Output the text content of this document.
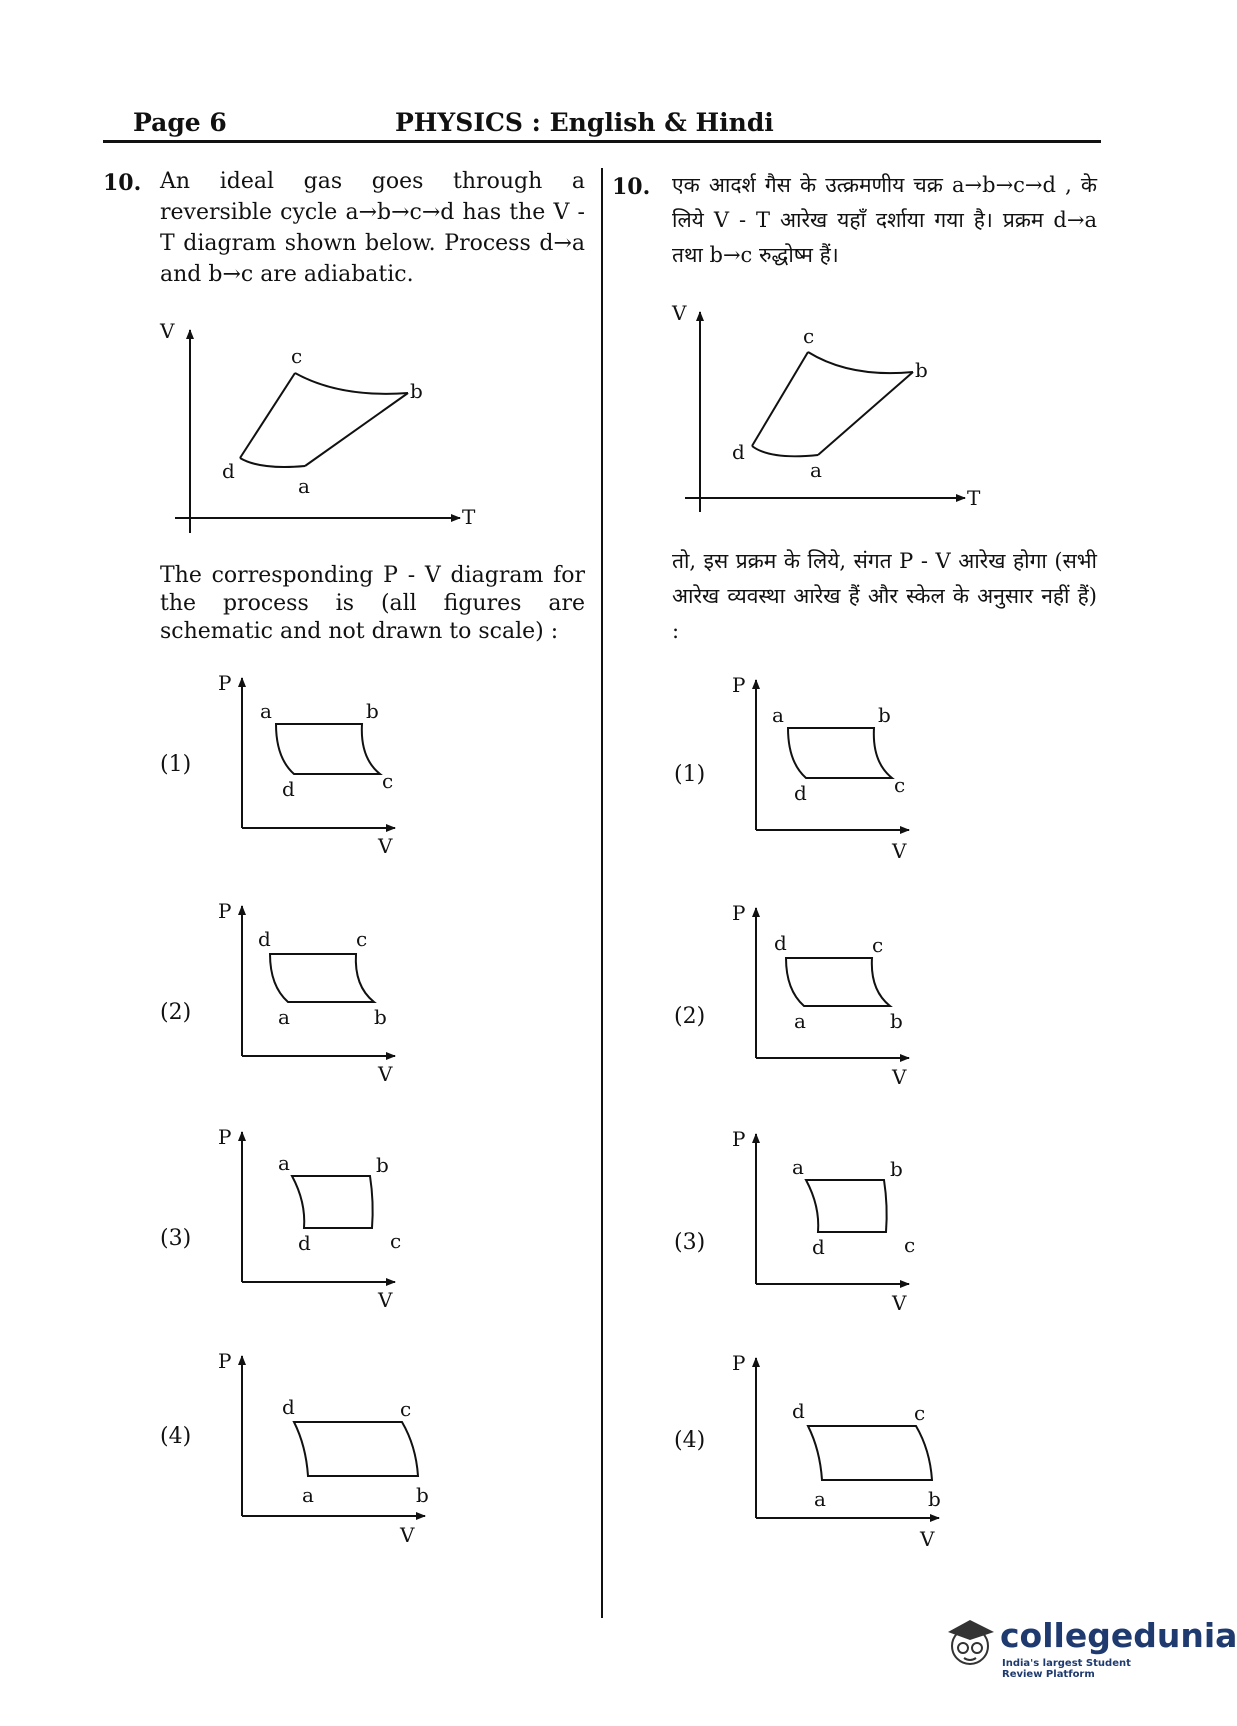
Page 6	PHYSICS : English & Hindi
10. An ideal gas goes through a reversible cycle a→b→c→d has the V - T diagram shown below. Process d→a and b→c are adiabatic.
V
T
c
b
d
a
The corresponding P - V diagram for the process is (all figures are schematic and not drawn to scale) :
10. एक आदर्श गैस के उत्क्रमणीय चक्र a→b→c→d , के लिये V - T आरेख यहाँ दर्शाया गया है। प्रक्रम d→a तथा b→c रुद्धोष्म हैं।
V
T
c
b
d
a
तो, इस प्रक्रम के लिये, संगत P - V आरेख होगा (सभी आरेख व्यवस्था आरेख हैं और स्केल के अनुसार नहीं हैं) :
(1)
P
V
a	b
d	c
(2)
P
V
d	c
a	b
(3)
P
V
a	b
d	c
(4)
P
V
d	c
a	b
(1)
P
V
a	b
d	c
(2)
P
V
d	c
a	b
(3)
P
V
a	b
d	c
(4)
P
V
d	c
a	b
collegedunia
India's largest Student Review Platform
